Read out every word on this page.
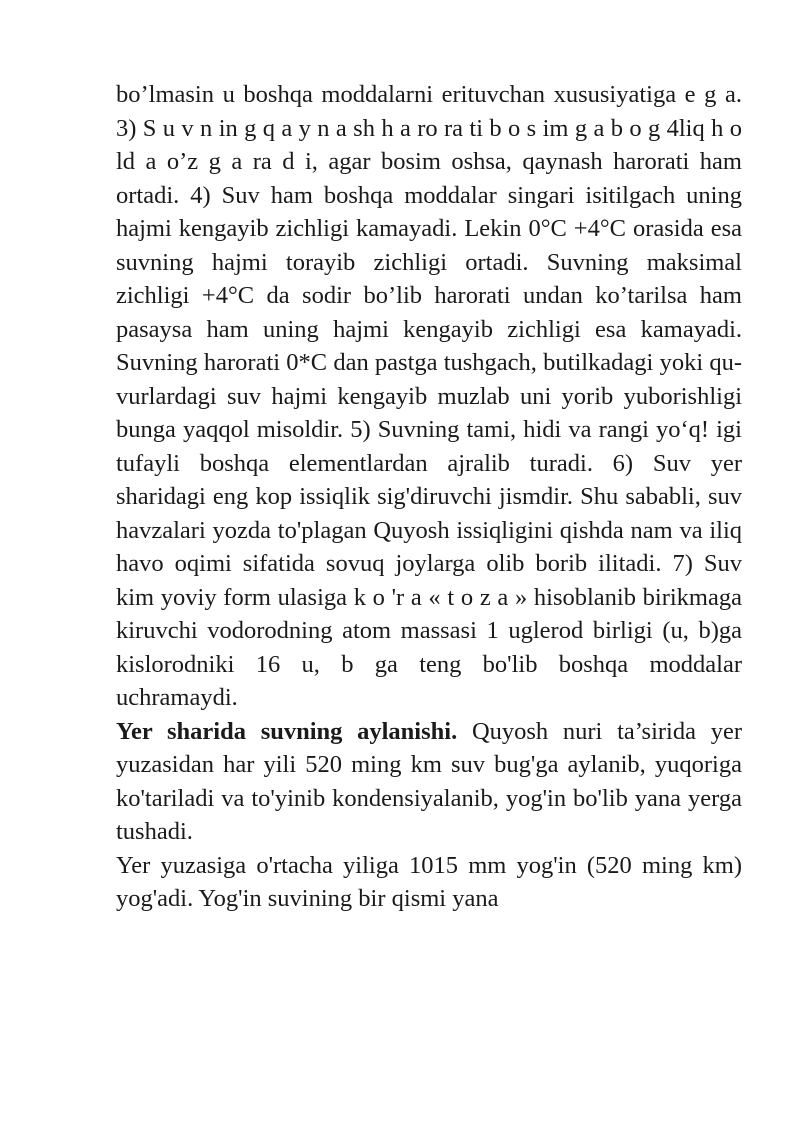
bo’lmasin u boshqa moddalarni erituvchan xususiyatiga e g a. 3) S u v n in g q a y n a sh h a ro ra ti b o s im g a b o g 4liq h o ld a o’z g a ra d i, agar bosim oshsa, qaynash harorati ham ortadi. 4) Suv ham boshqa moddalar singari isitilgach uning hajmi kengayib zichligi kamayadi. Lekin 0°C +4°C orasida esa suvning hajmi torayib zichligi ortadi. Suvning maksimal zichligi +4°C da sodir bo’lib harorati undan ko’tarilsa ham pasaysa ham uning hajmi kengayib zichligi esa kamayadi. Suvning harorati 0*C dan pastga tushgach, butilkadagi yoki qu- vurlardagi suv hajmi kengayib muzlab uni yorib yuborishligi bunga yaqqol misoldir. 5) Suvning tami, hidi va rangi yo‘q! igi tufayli boshqa elementlardan ajralib turadi. 6) Suv yer sharidagi eng kop issiqlik sig'diruvchi jismdir. Shu sababli, suv havzalari yozda to'plagan Quyosh issiqligini qishda nam va iliq havo oqimi sifatida sovuq joylarga olib borib ilitadi. 7) Suv kim yoviy form ulasiga k o 'r a « t o z a » hisoblanib birikmaga kiruvchi vodorodning atom massasi 1 uglerod birligi (u, b)ga kislorodniki 16 u, b ga teng bo'lib boshqa moddalar uchramaydi.

Yer sharida suvning aylanishi. Quyosh nuri ta’sirida yer yuzasidan har yili 520 ming km suv bug'ga aylanib, yuqoriga ko'tariladi va to'yinib kondensiyalanib, yog'in bo'lib yana yerga tushadi.

Yer yuzasiga o'rtacha yiliga 1015 mm yog'in (520 ming km) yog'adi. Yog'in suvining bir qismi yana
